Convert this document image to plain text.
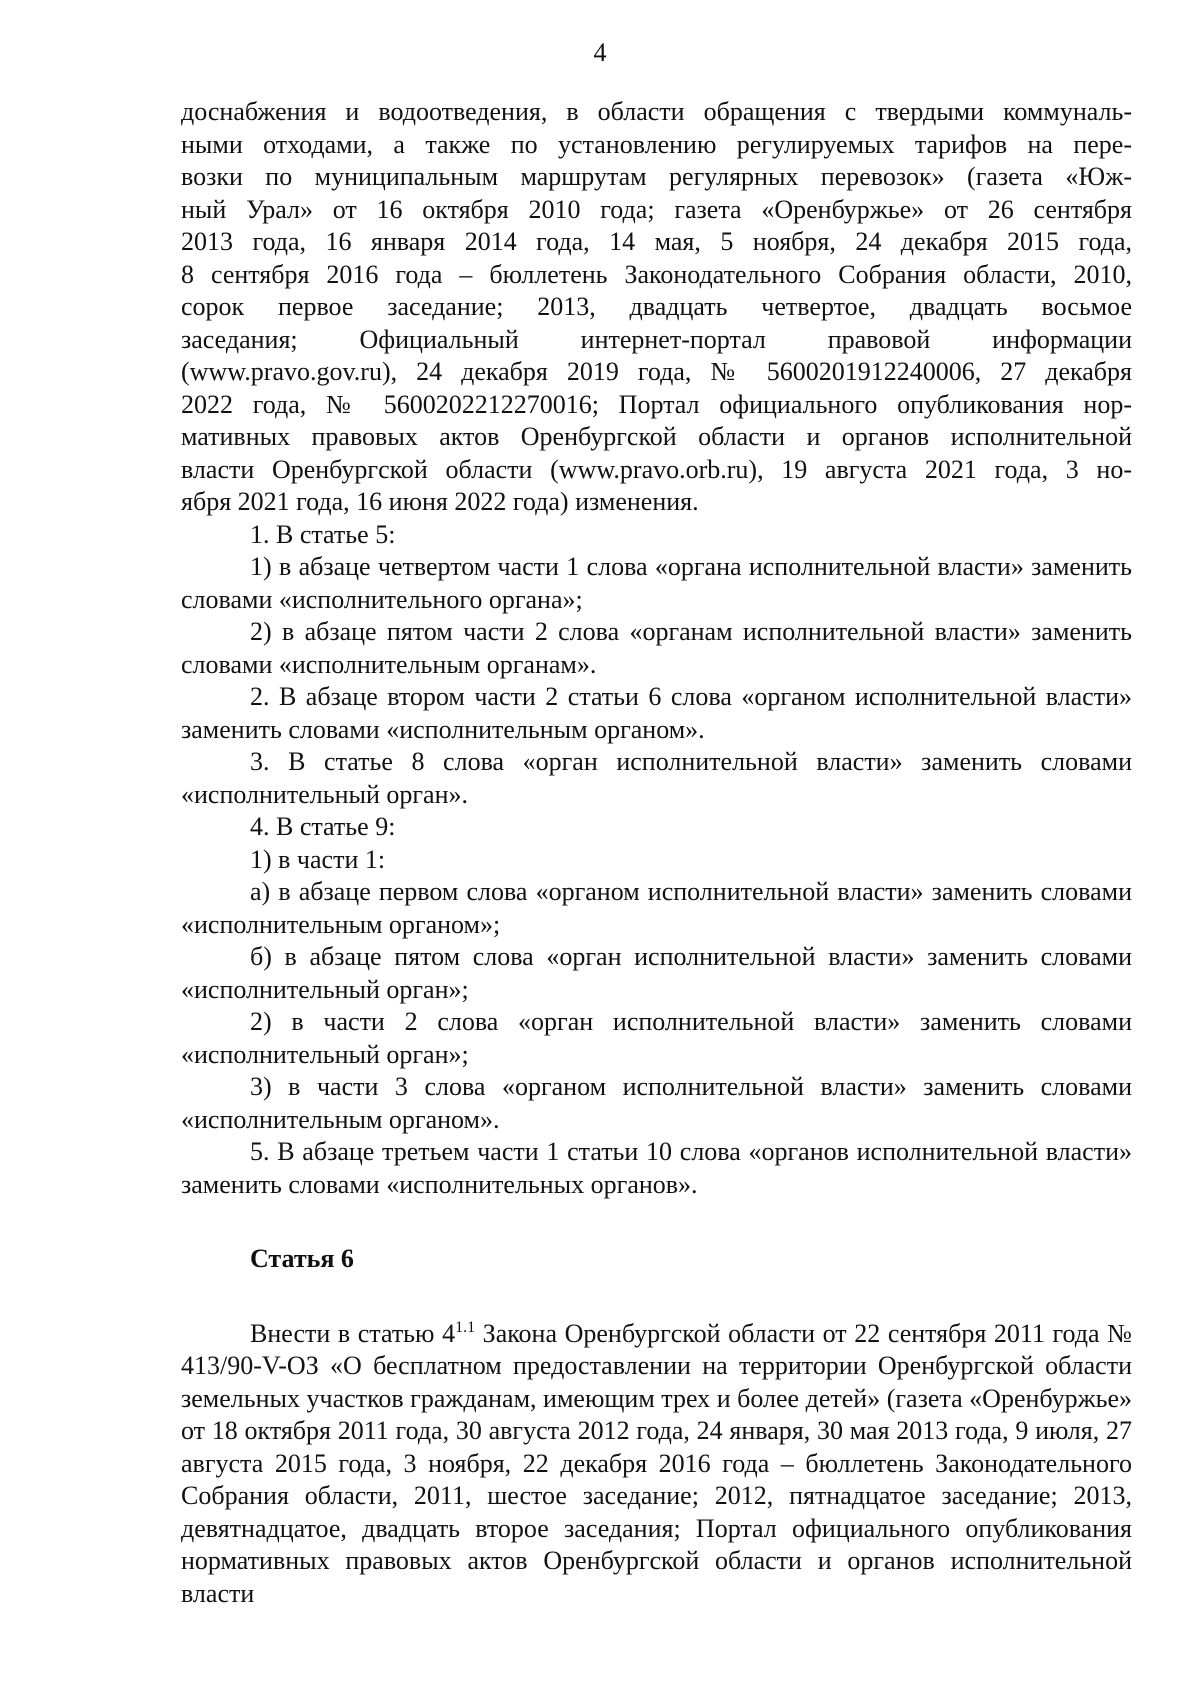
4

доснабжения и водоотведения, в области обращения с твердыми коммуналь-
ными отходами, а также по установлению регулируемых тарифов на пере-
возки по муниципальным маршрутам регулярных перевозок» (газета «Юж-
ный Урал» от 16 октября 2010 года; газета «Оренбуржье» от 26 сентября
2013 года, 16 января 2014 года, 14 мая, 5 ноября, 24 декабря 2015 года,
8 сентября 2016 года – бюллетень Законодательного Собрания области, 2010,
сорок первое заседание; 2013, двадцать четвертое, двадцать восьмое
заседания; Официальный интернет-портал правовой информации
(www.pravo.gov.ru), 24 декабря 2019 года, № 5600201912240006, 27 декабря
2022 года, № 5600202212270016; Портал официального опубликования нор-
мативных правовых актов Оренбургской области и органов исполнительной
власти Оренбургской области (www.pravo.orb.ru), 19 августа 2021 года, 3 но-
ября 2021 года, 16 июня 2022 года) изменения.

1. В статье 5:

1) в абзаце четвертом части 1 слова «органа исполнительной власти» заменить словами «исполнительного органа»;

2) в абзаце пятом части 2 слова «органам исполнительной власти» заменить словами «исполнительным органам».

2. В абзаце втором части 2 статьи 6 слова «органом исполнительной власти» заменить словами «исполнительным органом».

3. В статье 8 слова «орган исполнительной власти» заменить словами «исполнительный орган».

4. В статье 9:

1) в части 1:

а) в абзаце первом слова «органом исполнительной власти» заменить словами «исполнительным органом»;

б) в абзаце пятом слова «орган исполнительной власти» заменить словами «исполнительный орган»;

2) в части 2 слова «орган исполнительной власти» заменить словами «исполнительный орган»;

3) в части 3 слова «органом исполнительной власти» заменить словами «исполнительным органом».

5. В абзаце третьем части 1 статьи 10 слова «органов исполнительной власти» заменить словами «исполнительных органов».

Статья 6

Внести в статью $4^{1.1}$ Закона Оренбургской области от 22 сентября 2011 года № 413/90-V-ОЗ «О бесплатном предоставлении на территории Оренбургской области земельных участков гражданам, имеющим трех и более детей» (газета «Оренбуржье» от 18 октября 2011 года, 30 августа 2012 года, 24 января, 30 мая 2013 года, 9 июля, 27 августа 2015 года, 3 ноября, 22 декабря 2016 года – бюллетень Законодательного Собрания области, 2011, шестое заседание; 2012, пятнадцатое заседание; 2013, девятнадцатое, двадцать второе заседания; Портал официального опубликования нормативных правовых актов Оренбургской области и органов исполнительной власти
